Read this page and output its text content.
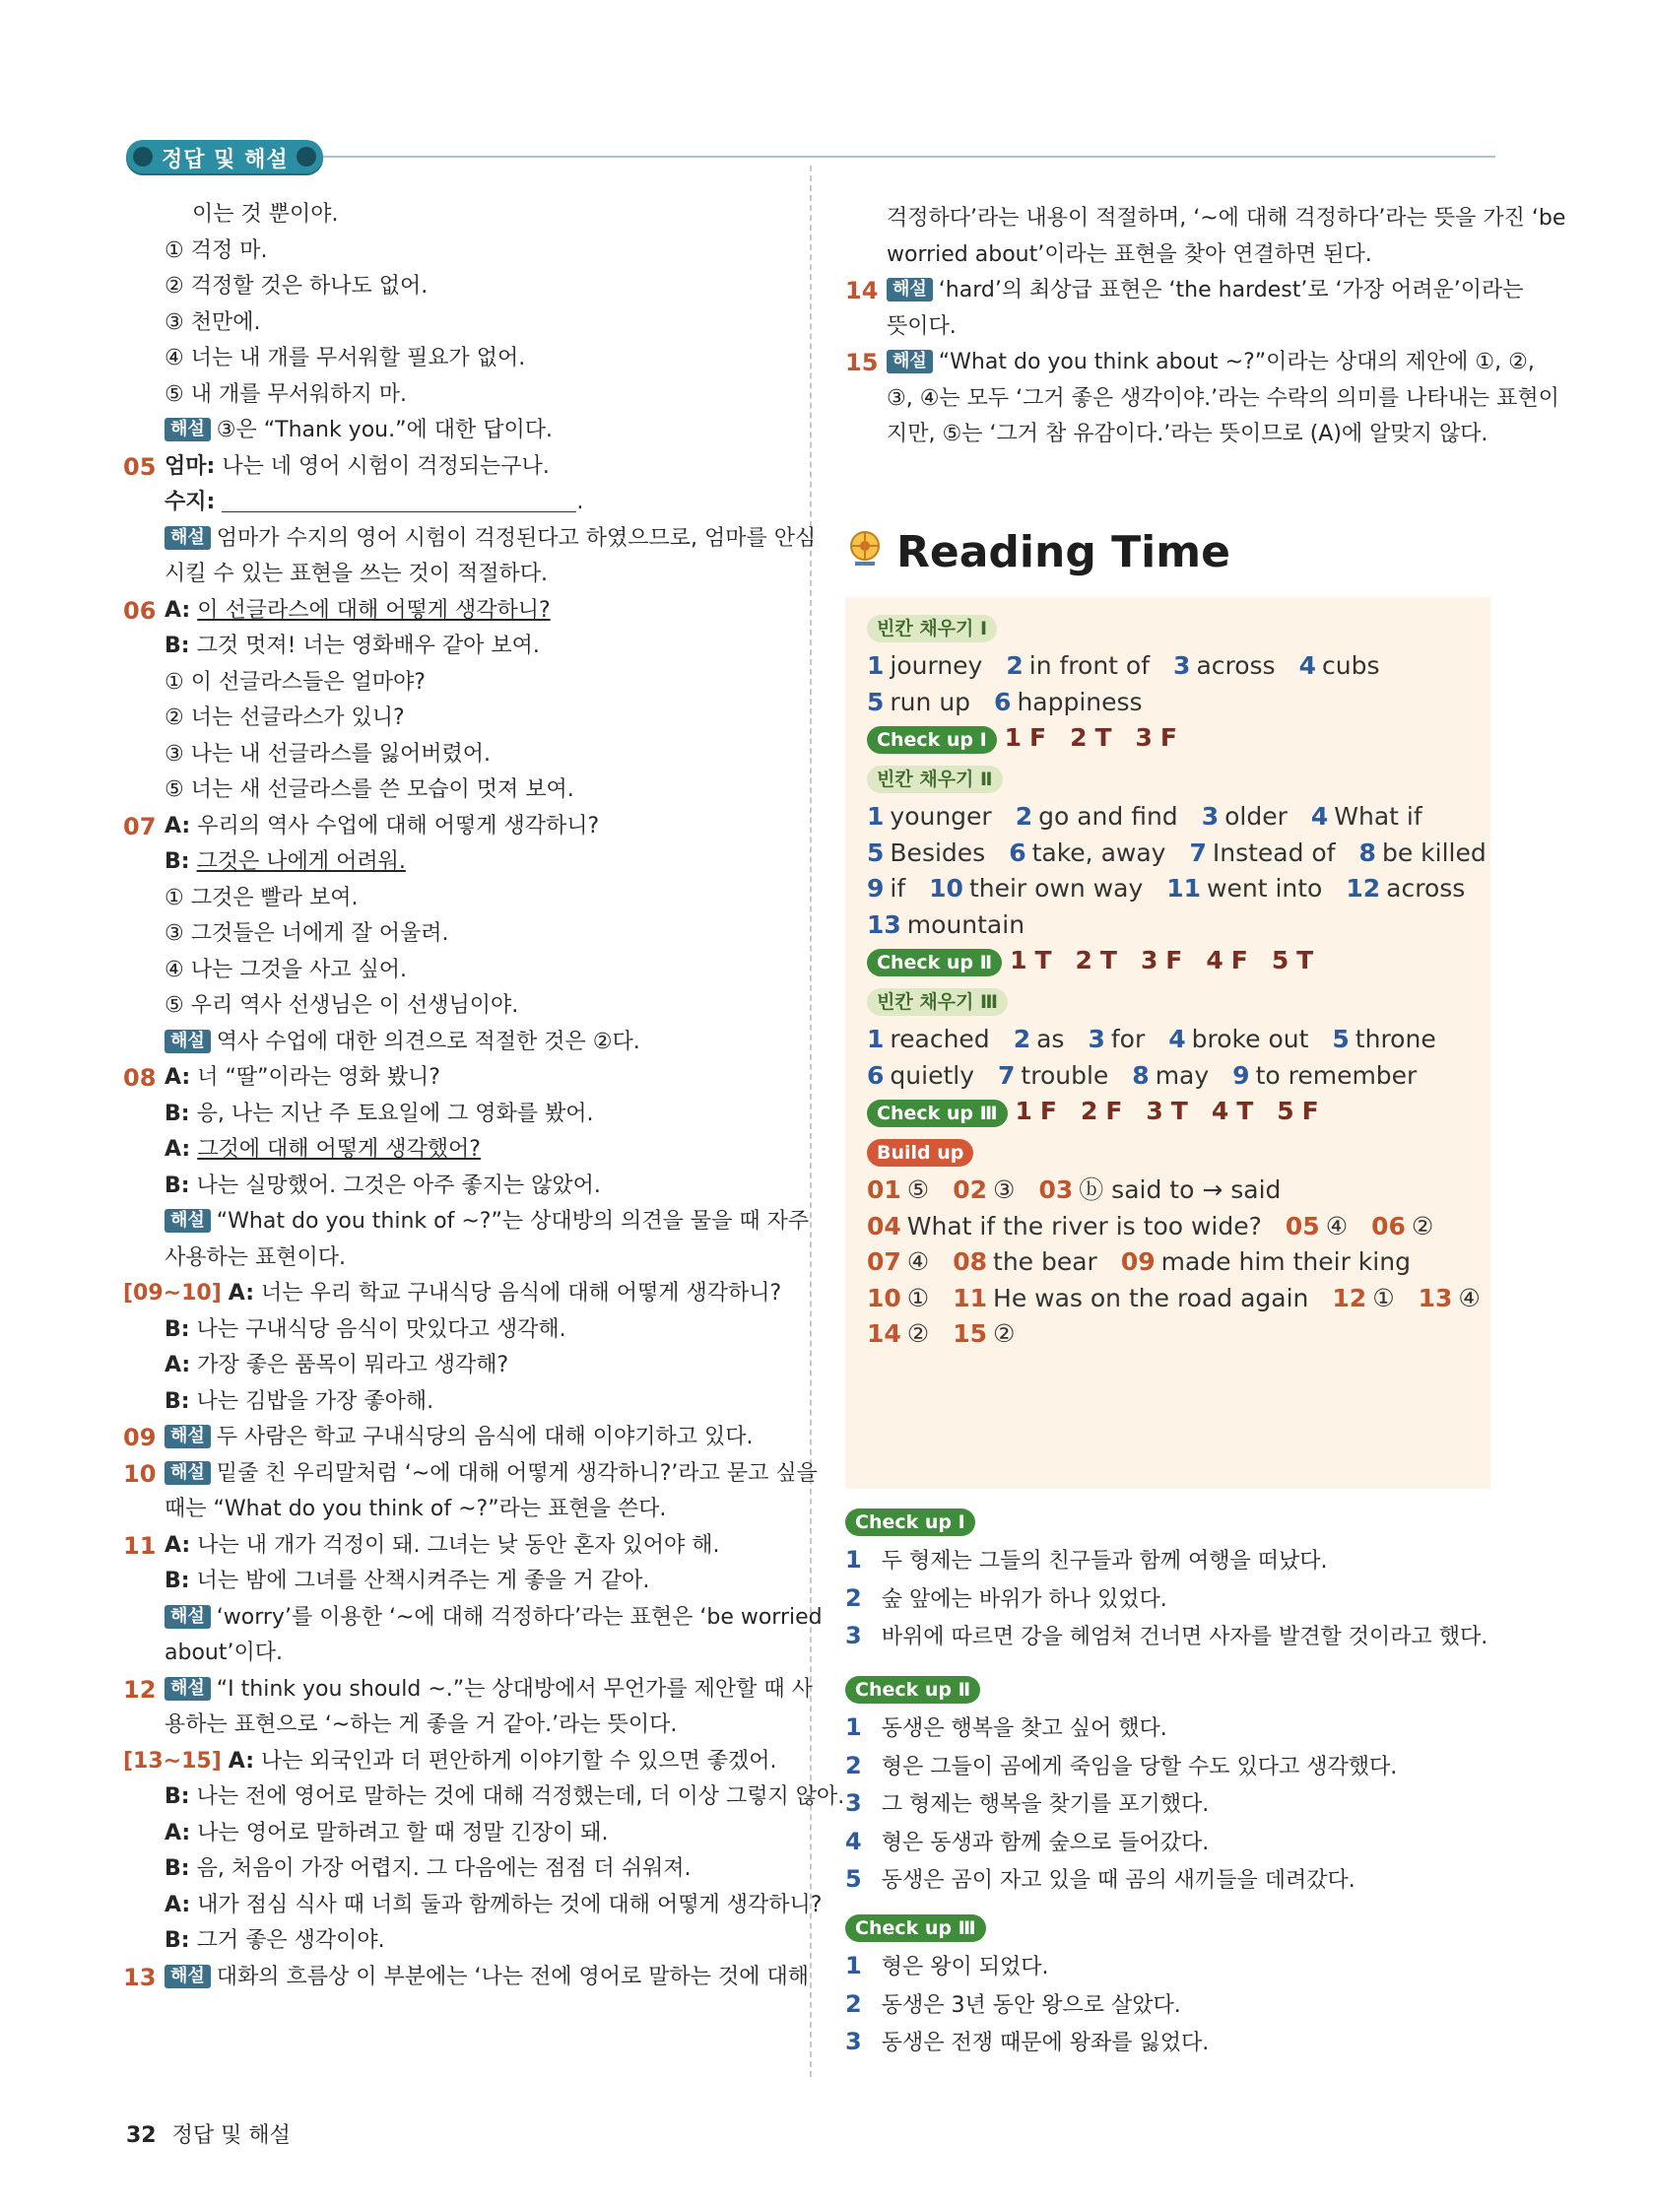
정답 및 해설
이는 것 뿐이야.
① 걱정 마.
② 걱정할 것은 하나도 없어.
③ 천만에.
④ 너는 내 개를 무서워할 필요가 없어.
⑤ 내 개를 무서워하지 마.
해설 ③은 “Thank you.”에 대한 답이다.
05 엄마: 나는 네 영어 시험이 걱정되는구나.
수지:	.
해설 엄마가 수지의 영어 시험이 걱정된다고 하였으므로, 엄마를 안심
시킬 수 있는 표현을 쓰는 것이 적절하다.
06 A: 이 선글라스에 대해 어떻게 생각하니?
B: 그것 멋져! 너는 영화배우 같아 보여.
① 이 선글라스들은 얼마야?
② 너는 선글라스가 있니?
③ 나는 내 선글라스를 잃어버렸어.
⑤ 너는 새 선글라스를 쓴 모습이 멋져 보여.
07 A: 우리의 역사 수업에 대해 어떻게 생각하니?
B: 그것은 나에게 어려워.
① 그것은 빨라 보여.
③ 그것들은 너에게 잘 어울려.
④ 나는 그것을 사고 싶어.
⑤ 우리 역사 선생님은 이 선생님이야.
해설 역사 수업에 대한 의견으로 적절한 것은 ②다.
08 A: 너 “딸”이라는 영화 봤니?
B: 응, 나는 지난 주 토요일에 그 영화를 봤어.
A: 그것에 대해 어떻게 생각했어?
B: 나는 실망했어. 그것은 아주 좋지는 않았어.
해설 “What do you think of ~?”는 상대방의 의견을 물을 때 자주
사용하는 표현이다.
[09~10] A: 너는 우리 학교 구내식당 음식에 대해 어떻게 생각하니?
B: 나는 구내식당 음식이 맛있다고 생각해.
A: 가장 좋은 품목이 뭐라고 생각해?
B: 나는 김밥을 가장 좋아해.
09 해설 두 사람은 학교 구내식당의 음식에 대해 이야기하고 있다.
10 해설 밑줄 친 우리말처럼 ‘~에 대해 어떻게 생각하니?’라고 묻고 싶을
때는 “What do you think of ~?”라는 표현을 쓴다.
11 A: 나는 내 개가 걱정이 돼. 그녀는 낮 동안 혼자 있어야 해.
B: 너는 밤에 그녀를 산책시켜주는 게 좋을 거 같아.
해설 ‘worry’를 이용한 ‘~에 대해 걱정하다’라는 표현은 ‘be worried
about’이다.
12 해설 “I think you should ~.”는 상대방에서 무언가를 제안할 때 사
용하는 표현으로 ‘~하는 게 좋을 거 같아.’라는 뜻이다.
[13~15] A: 나는 외국인과 더 편안하게 이야기할 수 있으면 좋겠어.
B: 나는 전에 영어로 말하는 것에 대해 걱정했는데, 더 이상 그렇지 않아.
A: 나는 영어로 말하려고 할 때 정말 긴장이 돼.
B: 음, 처음이 가장 어렵지. 그 다음에는 점점 더 쉬워져.
A: 내가 점심 식사 때 너희 둘과 함께하는 것에 대해 어떻게 생각하니?
B: 그거 좋은 생각이야.
13 해설 대화의 흐름상 이 부분에는 ‘나는 전에 영어로 말하는 것에 대해
걱정하다’라는 내용이 적절하며, ‘~에 대해 걱정하다’라는 뜻을 가진 ‘be
worried about’이라는 표현을 찾아 연결하면 된다.
14 해설 ‘hard’의 최상급 표현은 ‘the hardest’로 ‘가장 어려운’이라는
뜻이다.
15 해설 “What do you think about ~?”이라는 상대의 제안에 ①, ②,
③, ④는 모두 ‘그거 좋은 생각이야.’라는 수락의 의미를 나타내는 표현이
지만, ⑤는 ‘그거 참 유감이다.’라는 뜻이므로 (A)에 알맞지 않다.
Reading Time
빈칸 채우기 Ⅰ
1 journey 2 in front of 3 across 4 cubs
5 run up 6 happiness
Check up Ⅰ 1 F 2 T 3 F
빈칸 채우기 Ⅱ
1 younger 2 go and find 3 older 4 What if
5 Besides 6 take, away 7 Instead of 8 be killed
9 if 10 their own way 11 went into 12 across
13 mountain
Check up Ⅱ 1 T 2 T 3 F 4 F 5 T
빈칸 채우기 Ⅲ
1 reached 2 as 3 for 4 broke out 5 throne
6 quietly 7 trouble 8 may 9 to remember
Check up Ⅲ 1 F 2 F 3 T 4 T 5 F
Build up
01 ⑤ 02 ③ 03 ⓑ said to → said
04 What if the river is too wide? 05 ④ 06 ②
07 ④ 08 the bear 09 made him their king
10 ① 11 He was on the road again 12 ① 13 ④
14 ② 15 ②
Check up Ⅰ
1 두 형제는 그들의 친구들과 함께 여행을 떠났다.
2 숲 앞에는 바위가 하나 있었다.
3 바위에 따르면 강을 헤엄쳐 건너면 사자를 발견할 것이라고 했다.
Check up Ⅱ
1 동생은 행복을 찾고 싶어 했다.
2 형은 그들이 곰에게 죽임을 당할 수도 있다고 생각했다.
3 그 형제는 행복을 찾기를 포기했다.
4 형은 동생과 함께 숲으로 들어갔다.
5 동생은 곰이 자고 있을 때 곰의 새끼들을 데려갔다.
Check up Ⅲ
1 형은 왕이 되었다.
2 동생은 3년 동안 왕으로 살았다.
3 동생은 전쟁 때문에 왕좌를 잃었다.
32 정답 및 해설
